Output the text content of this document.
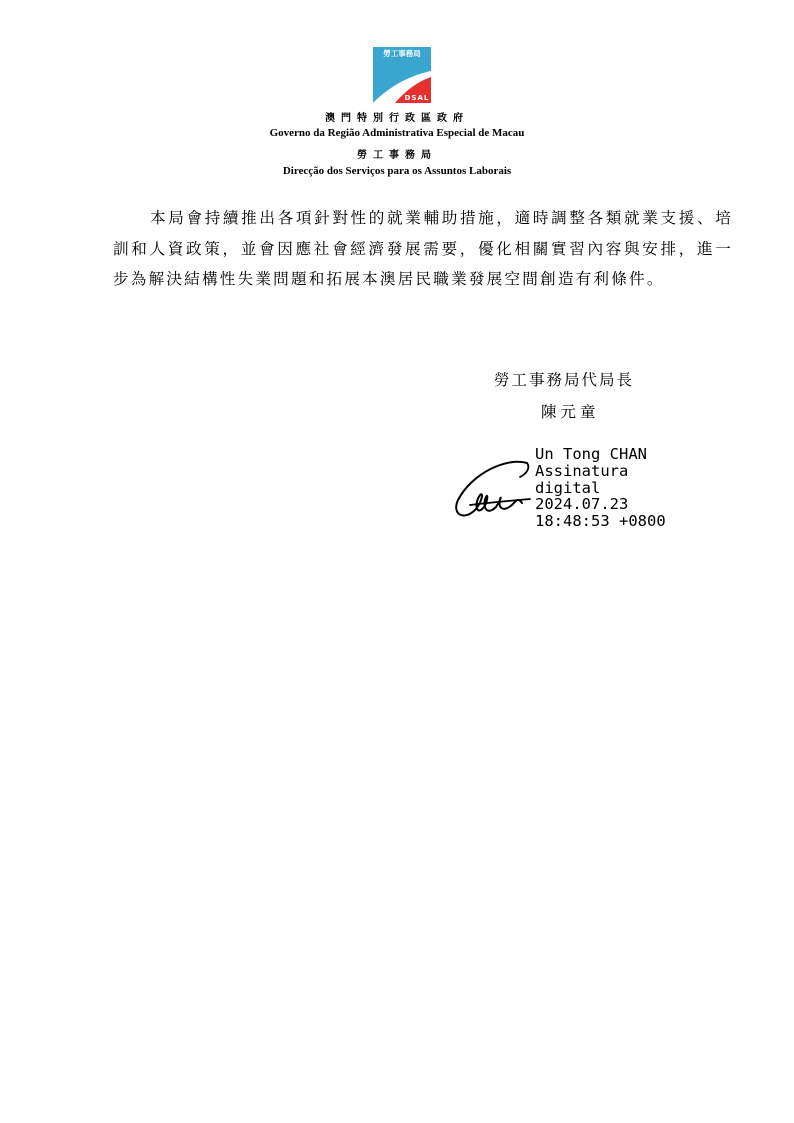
勞工事務局
DSAL
澳門特別行政區政府
Governo da Região Administrativa Especial de Macau
勞工事務局
Direcção dos Serviços para os Assuntos Laborais
本局會持續推出各項針對性的就業輔助措施，適時調整各類就業支援、培訓和人資政策，並會因應社會經濟發展需要，優化相關實習內容與安排，進一步為解決結構性失業問題和拓展本澳居民職業發展空間創造有利條件。
勞工事務局代局長
陳元童
Un Tong CHAN
Assinatura
digital
2024.07.23
18:48:53 +0800
